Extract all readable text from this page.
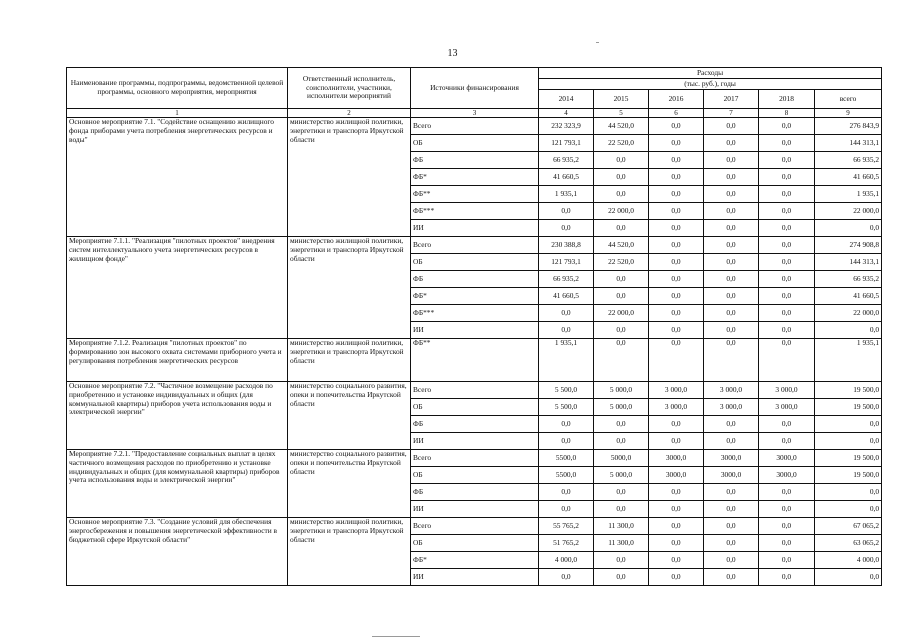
13
Наименование программы, подпрограммы, ведомственной целевой программы, основного мероприятия, мероприятия	Ответственный исполнитель, соисполнители, участники, исполнители мероприятий	Источники финансирования	Расходы					
			(тыс. руб.), годы					
			2014	2015	2016	2017	2018	всего
1	2	3	4	5	6	7	8	9
Основное мероприятие 7.1. "Содействие оснащению жилищного фонда приборами учета потребления энергетических ресурсов и воды"	министерство жилищной политики, энергетики и транспорта Иркутской области	Всего	232 323,9	44 520,0	0,0	0,0	0,0	276 843,9
		ОБ	121 793,1	22 520,0	0,0	0,0	0,0	144 313,1
		ФБ	66 935,2	0,0	0,0	0,0	0,0	66 935,2
		ФБ*	41 660,5	0,0	0,0	0,0	0,0	41 660,5
		ФБ**	1 935,1	0,0	0,0	0,0	0,0	1 935,1
		ФБ***	0,0	22 000,0	0,0	0,0	0,0	22 000,0
		ИИ	0,0	0,0	0,0	0,0	0,0	0,0
Мероприятие 7.1.1. "Реализация "пилотных проектов" внедрения систем интеллектуального учета энергетических ресурсов в жилищном фонде"	министерство жилищной политики, энергетики и транспорта Иркутской области	Всего	230 388,8	44 520,0	0,0	0,0	0,0	274 908,8
		ОБ	121 793,1	22 520,0	0,0	0,0	0,0	144 313,1
		ФБ	66 935,2	0,0	0,0	0,0	0,0	66 935,2
		ФБ*	41 660,5	0,0	0,0	0,0	0,0	41 660,5
		ФБ***	0,0	22 000,0	0,0	0,0	0,0	22 000,0
		ИИ	0,0	0,0	0,0	0,0	0,0	0,0
Мероприятие 7.1.2. Реализация "пилотных проектов" по формированию зон высокого охвата системами приборного учета и регулирования потребления энергетических ресурсов	министерство жилищной политики, энергетики и транспорта Иркутской области	ФБ**	1 935,1	0,0	0,0	0,0	0,0	1 935,1
Основное мероприятие 7.2. "Частичное возмещение расходов по приобретению и установке индивидуальных и общих (для коммунальной квартиры) приборов учета использования воды и электрической энергии"	министерство социального развития, опеки и попечительства Иркутской области	Всего	5 500,0	5 000,0	3 000,0	3 000,0	3 000,0	19 500,0
		ОБ	5 500,0	5 000,0	3 000,0	3 000,0	3 000,0	19 500,0
		ФБ	0,0	0,0	0,0	0,0	0,0	0,0
		ИИ	0,0	0,0	0,0	0,0	0,0	0,0
Мероприятие 7.2.1. "Предоставление социальных выплат в целях частичного возмещения расходов по приобретению и установке индивидуальных и общих (для коммунальной квартиры) приборов учета использования воды и электрической энергии"	министерство социального развития, опеки и попечительства Иркутской области	Всего	5500,0	5000,0	3000,0	3000,0	3000,0	19 500,0
		ОБ	5500,0	5 000,0	3000,0	3000,0	3000,0	19 500,0
		ФБ	0,0	0,0	0,0	0,0	0,0	0,0
		ИИ	0,0	0,0	0,0	0,0	0,0	0,0
Основное мероприятие 7.3. "Создание условий для обеспечения энергосбережения и повышения энергетической эффективности в бюджетной сфере Иркутской области"	министерство жилищной политики, энергетики и транспорта Иркутской области	Всего	55 765,2	11 300,0	0,0	0,0	0,0	67 065,2
		ОБ	51 765,2	11 300,0	0,0	0,0	0,0	63 065,2
		ФБ*	4 000,0	0,0	0,0	0,0	0,0	4 000,0
		ИИ	0,0	0,0	0,0	0,0	0,0	0,0
